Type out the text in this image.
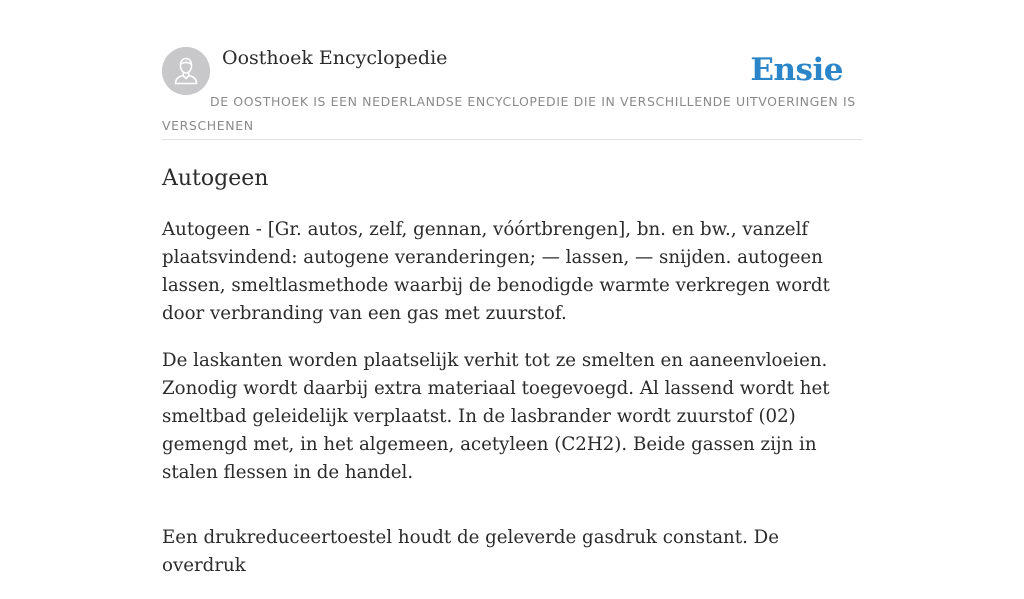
Oosthoek Encyclopedie	Ensie
DE OOSTHOEK IS EEN NEDERLANDSE ENCYCLOPEDIE DIE IN VERSCHILLENDE UITVOERINGEN IS VERSCHENEN
Autogeen

Autogeen - [Gr. autos, zelf, gennan, vóórtbrengen], bn. en bw., vanzelf plaatsvindend: autogene veranderingen; — lassen, — snijden. autogeen lassen, smeltlasmethode waarbij de benodigde warmte verkregen wordt door verbranding van een gas met zuurstof.

De laskanten worden plaatselijk verhit tot ze smelten en aaneenvloeien. Zonodig wordt daarbij extra materiaal toegevoegd. Al lassend wordt het smeltbad geleidelijk verplaatst. In de lasbrander wordt zuurstof (02) gemengd met, in het algemeen, acetyleen (C2H2). Beide gassen zijn in stalen flessen in de handel.

Een drukreduceertoestel houdt de geleverde gasdruk constant. De overdruk
